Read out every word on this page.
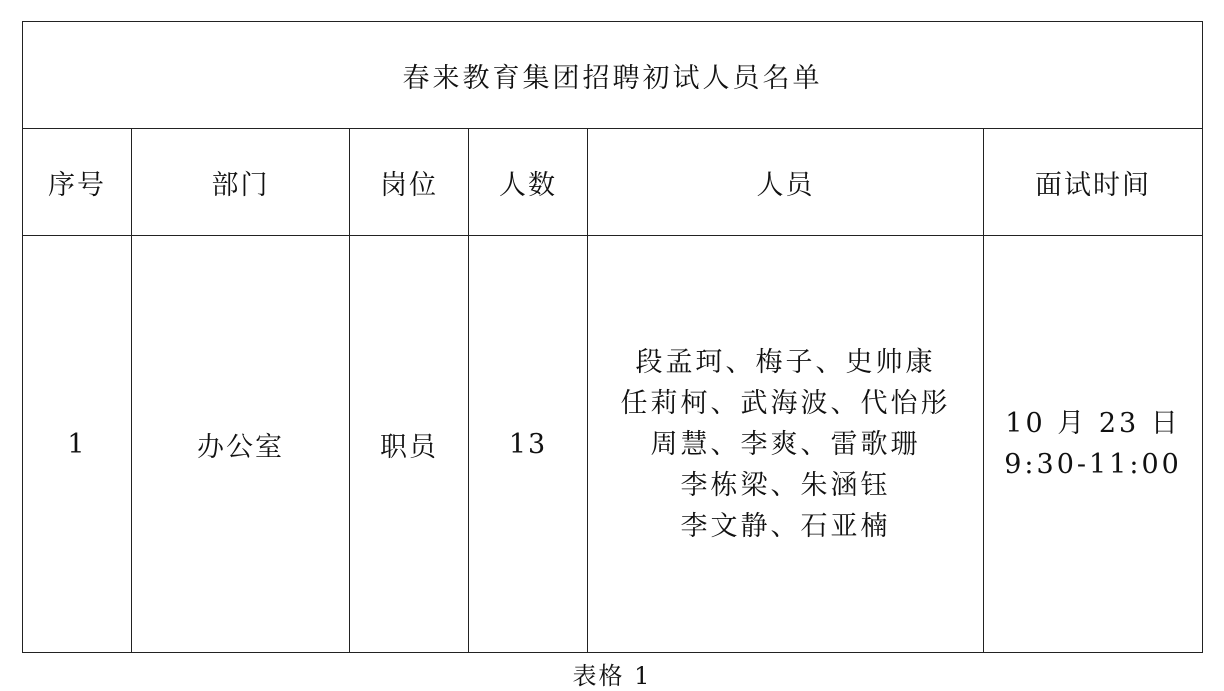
春来教育集团招聘初试人员名单					
序号	部门	岗位	人数	人员	面试时间
1	办公室	职员	13	段孟珂、梅子、史帅康
任莉柯、武海波、代怡彤
周慧、李爽、雷歌珊
李栋梁、朱涵钰
李文静、石亚楠	10 月 23 日
9:30-11:00
表格 1
